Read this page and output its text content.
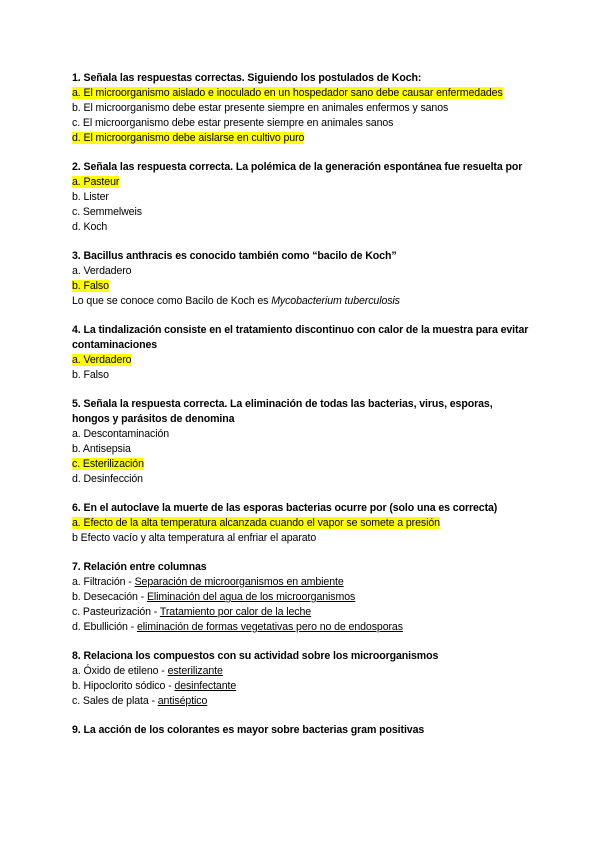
1. Señala las respuestas correctas. Siguiendo los postulados de Koch:

a. El microorganismo aislado e inoculado en un hospedador sano debe causar enfermedades

b. El microorganismo debe estar presente siempre en animales enfermos y sanos

c. El microorganismo debe estar presente siempre en animales sanos

d. El microorganismo debe aislarse en cultivo puro

2. Señala las respuesta correcta. La polémica de la generación espontánea fue resuelta por

a. Pasteur

b. Lister

c. Semmelweis

d. Koch

3. Bacillus anthracis es conocido también como “bacilo de Koch”

a. Verdadero

b. Falso

Lo que se conoce como Bacilo de Koch es Mycobacterium tuberculosis

4. La tindalización consiste en el tratamiento discontinuo con calor de la muestra para evitar contaminaciones

a. Verdadero

b. Falso

5. Señala la respuesta correcta. La eliminación de todas las bacterias, virus, esporas, hongos y parásitos de denomina

a. Descontaminación

b. Antisepsia

c. Esterilización

d. Desinfección

6. En el autoclave la muerte de las esporas bacterias ocurre por (solo una es correcta)

a. Efecto de la alta temperatura alcanzada cuando el vapor se somete a presión

b Efecto vacío y alta temperatura al enfriar el aparato

7. Relación entre columnas

a. Filtración - Separación de microorganismos en ambiente

b. Desecación - Eliminación del agua de los microorganismos

c. Pasteurización - Tratamiento por calor de la leche

d. Ebullición - eliminación de formas vegetativas pero no de endosporas

8. Relaciona los compuestos con su actividad sobre los microorganismos

a. Óxido de etileno - esterilizante

b. Hipoclorito sódico - desinfectante

c. Sales de plata - antiséptico

9. La acción de los colorantes es mayor sobre bacterias gram positivas
